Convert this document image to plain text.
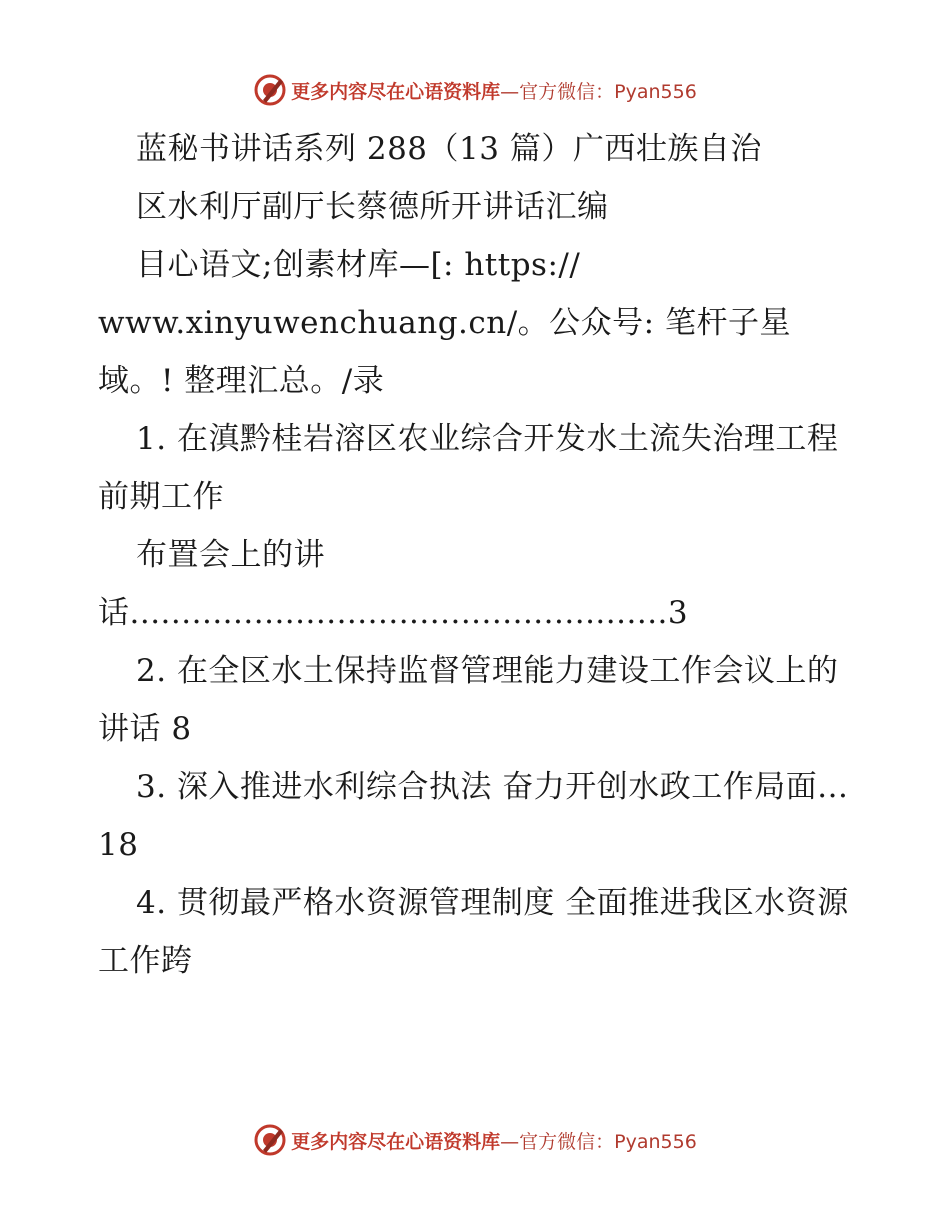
更多内容尽在心语资料库—官方微信：Pyan556

蓝秘书讲话系列 288（13 篇）广西壮族自治

区水利厅副厅长蔡德所开讲话汇编

目心语文;创素材库—[: https://

www.xinyuwenchuang.cn/。公众号: 笔杆子星

域。! 整理汇总。/录

1. 在滇黔桂岩溶区农业综合开发水土流失治理工程前期工作

布置会上的讲

话....................................................3

2. 在全区水土保持监督管理能力建设工作会议上的讲话 8

3. 深入推进水利综合执法 奋力开创水政工作局面...18

4. 贯彻最严格水资源管理制度 全面推进我区水资源工作跨

更多内容尽在心语资料库—官方微信：Pyan556
